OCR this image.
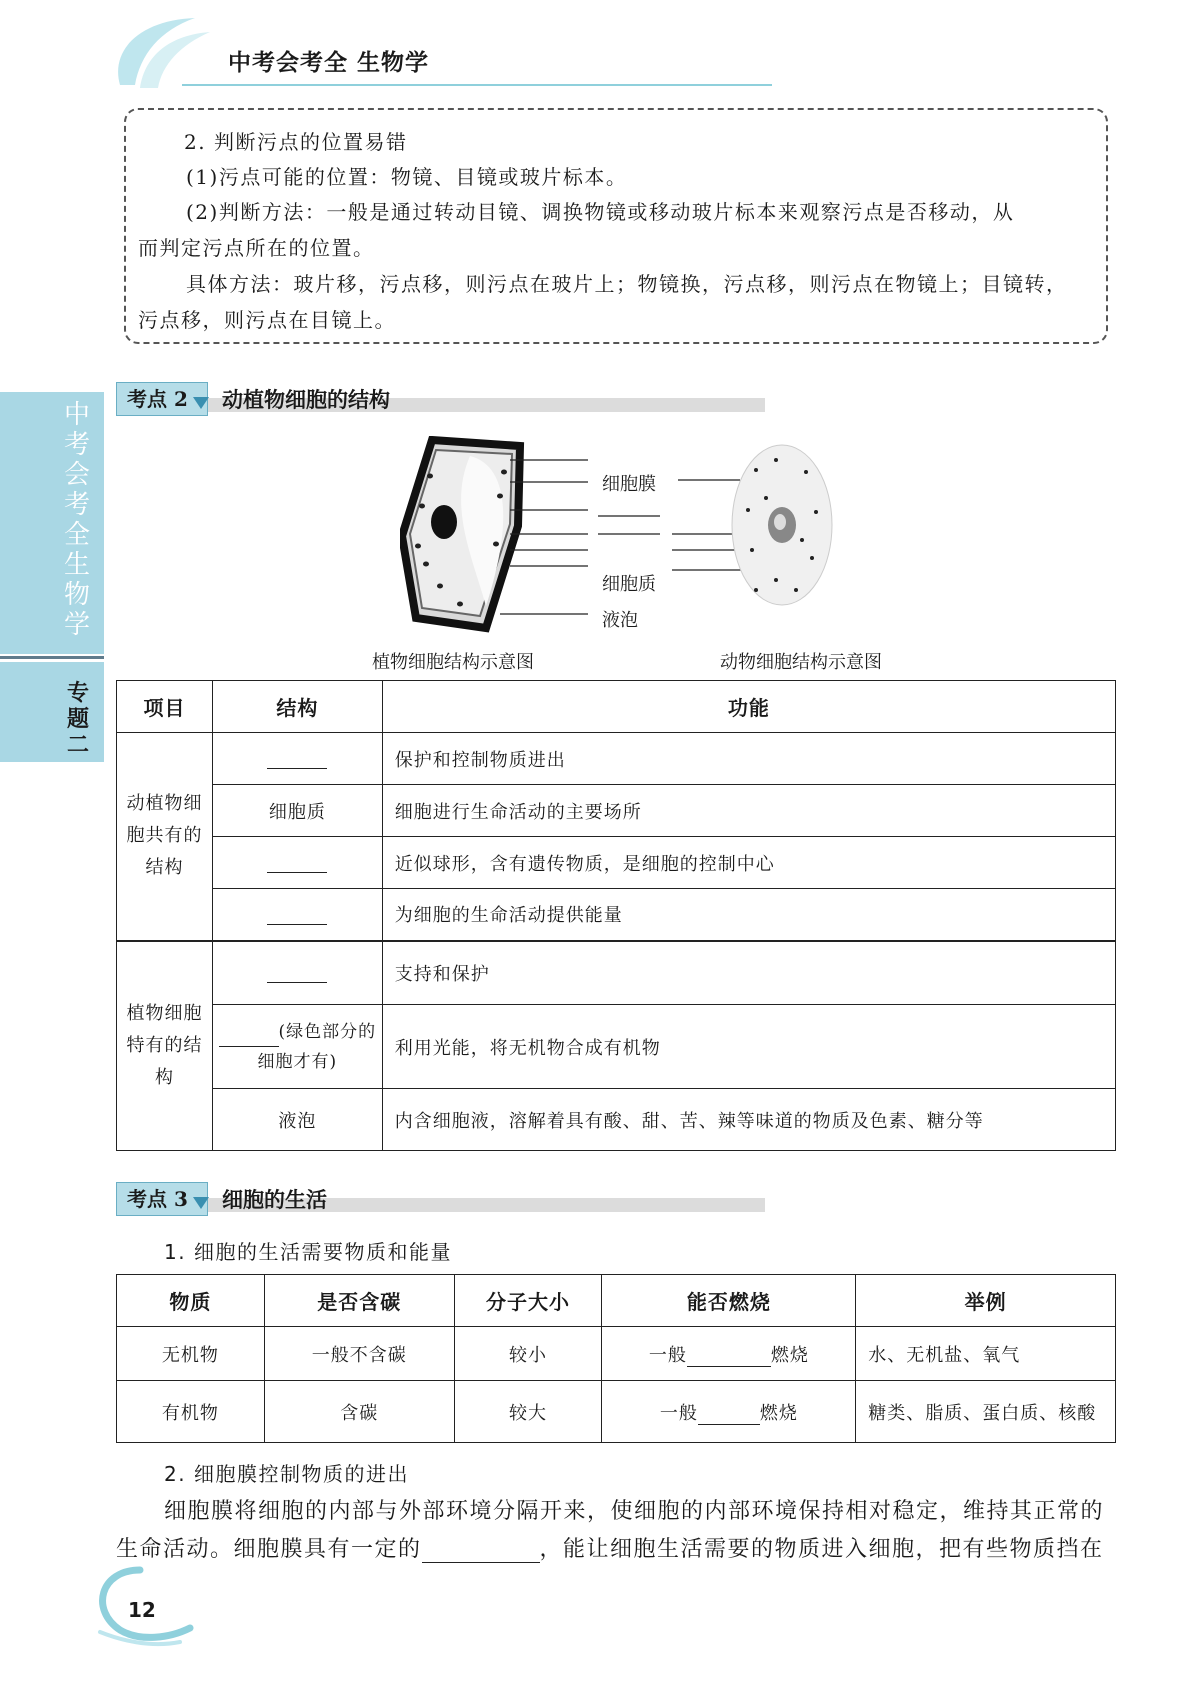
中考会考全 生物学
2. 判断污点的位置易错
(1)污点可能的位置：物镜、目镜或玻片标本。
(2)判断方法：一般是通过转动目镜、调换物镜或移动玻片标本来观察污点是否移动，从
而判定污点所在的位置。
具体方法：玻片移，污点移，则污点在玻片上；物镜换，污点移，则污点在物镜上；目镜转，
污点移，则污点在目镜上。
中考会考全 生物学
专题二
考点 2	动植物细胞的结构
细胞膜
细胞质
液泡
植物细胞结构示意图	动物细胞结构示意图
项目	结构	功能
动植物细胞共有的结构		保护和控制物质进出
	细胞质	细胞进行生命活动的主要场所
		近似球形，含有遗传物质，是细胞的控制中心
		为细胞的生命活动提供能量
植物细胞特有的结构		支持和保护
	(绿色部分的细胞才有)	利用光能，将无机物合成有机物
	液泡	内含细胞液，溶解着具有酸、甜、苦、辣等味道的物质及色素、糖分等
考点 3	细胞的生活
1. 细胞的生活需要物质和能量
物质	是否含碳	分子大小	能否燃烧	举例
无机物	一般不含碳	较小	一般 燃烧	水、无机盐、氧气
有机物	含碳	较大	一般 燃烧	糖类、脂质、蛋白质、核酸
2. 细胞膜控制物质的进出
细胞膜将细胞的内部与外部环境分隔开来，使细胞的内部环境保持相对稳定，维持其正常的
生命活动。细胞膜具有一定的	，能让细胞生活需要的物质进入细胞，把有些物质挡在
12
